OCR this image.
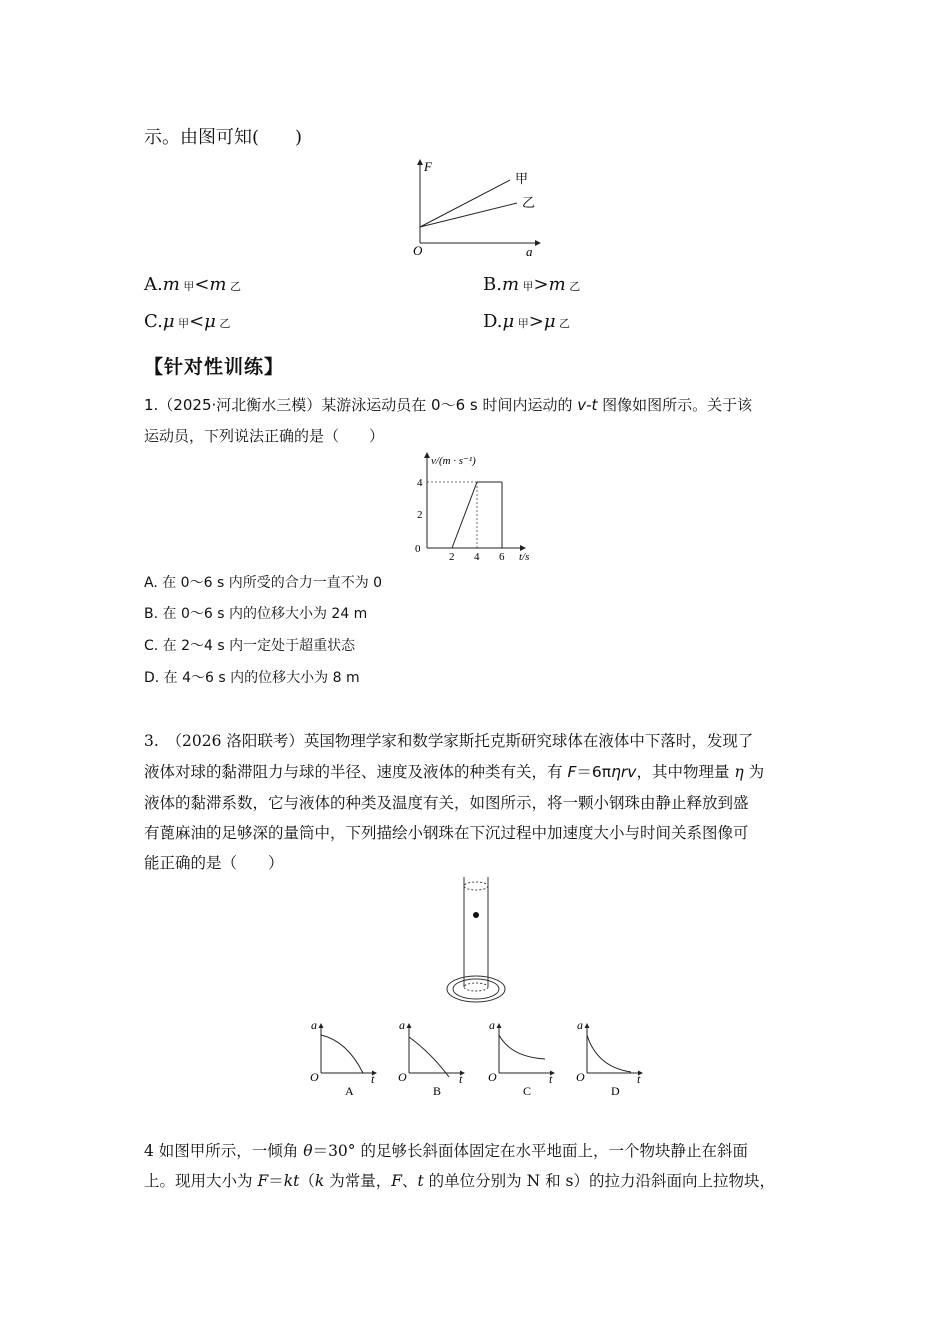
示。由图可知(　　)
F
a
O
甲
乙
A.m 甲<m 乙	B.m 甲>m 乙
C.μ 甲<μ 乙	D.μ 甲>μ 乙
【针对性训练】
1.（2025·河北衡水三模）某游泳运动员在 0～6 s 时间内运动的 v-t 图像如图所示。关于该
运动员，下列说法正确的是（　　）
v/(m · s⁻¹)
t/s
4
2
0
2 4 6
A. 在 0～6 s 内所受的合力一直不为 0
B. 在 0～6 s 内的位移大小为 24 m
C. 在 2～4 s 内一定处于超重状态
D. 在 4～6 s 内的位移大小为 8 m
3.　（2026 洛阳联考）英国物理学家和数学家斯托克斯研究球体在液体中下落时，发现了
液体对球的黏滞阻力与球的半径、速度及液体的种类有关，有 F＝6πηrv，其中物理量 η 为
液体的黏滞系数，它与液体的种类及温度有关，如图所示，将一颗小钢珠由静止释放到盛
有蓖麻油的足够深的量筒中，下列描绘小钢珠在下沉过程中加速度大小与时间关系图像可
能正确的是（　　）
a
t
O
A
a
t
O
B
a
t
O
C
a
t
O
D
4 如图甲所示，一倾角 θ＝30° 的足够长斜面体固定在水平地面上，一个物块静止在斜面
上。现用大小为 F＝kt（k 为常量，F、t 的单位分别为 N 和 s）的拉力沿斜面向上拉物块，
